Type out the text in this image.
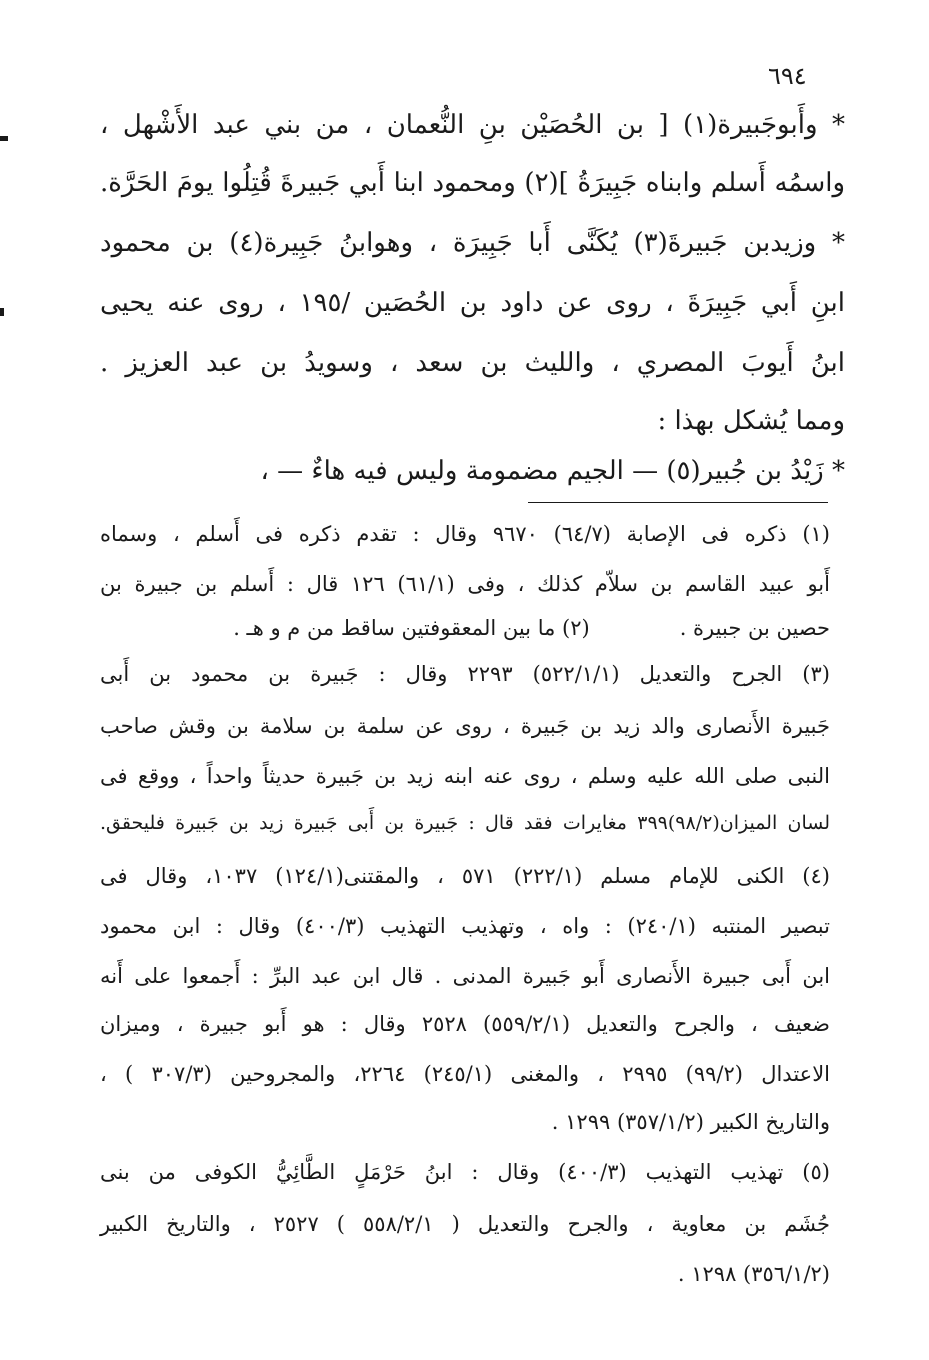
٦٩٤
* وأَبوجَبيرة(١) [ بن الحُصَيْن بنِ النُّعمان ، من بني عبد الأَشْهل ،
واسمُه أَسلم وابناه جَبِيرَةُ ](٢) ومحمود ابنا أَبي جَبيرةَ قُتِلُوا يومَ الحَرَّة.
* وزيدبن جَبيرةَ(٣) يُكَنَّى أَبا جَبِيرَة ، وهوابنُ جَبِيرة(٤) بن محمود
ابنِ أَبي جَبِيرَةَ ، روى عن داود بن الحُصَين /١٩٥ ، روى عنه يحيى
ابنُ أَيوبَ المصري ، والليث بن سعد ، وسويدُ بن عبد العزيز .
ومما يُشكل بهذا :
* زَيْدُ بن جُبير(٥) — الجيم مضمومة وليس فيه هاءٌ — ،
(١) ذكره فى الإصابة (٦٤/٧) ٩٦٧٠ وقال : تقدم ذكره فى أَسلم ، وسماه
أَبو عبيد القاسم بن سلاّم كذلك ، وفى (٦١/١) ١٢٦ قال : أَسلم بن جبيرة بن
حصين بن جبيرة .
(٢) ما بين المعقوفتين ساقط من م و هـ .
(٣) الجرح والتعديل (٥٢٢/١/١) ٢٢٩٣ وقال : جَبيرة بن محمود بن أَبى
جَبيرة الأَنصارى والد زيد بن جَبيرة ، روى عن سلمة بن سلامة بن وقش صاحب
النبى صلى الله عليه وسلم ، روى عنه ابنه زيد بن جَبيرة حديثاً واحداً ، ووقع فى
لسان الميزان(٩٨/٢)٣٩٩ مغايرات فقد قال : جَبيرة بن أَبى جَبيرة زيد بن جَبيرة فليحقق.
(٤) الكنى للإمام مسلم (٢٢٢/١) ٥٧١ ، والمقتنى(١٢٤/١) ١٠٣٧، وقال فى
تبصير المنتبه (٢٤٠/١) : واه ، وتهذيب التهذيب (٤٠٠/٣) وقال : ابن محمود
ابن أَبى جبيرة الأَنصارى أَبو جَبيرة المدنى . قال ابن عبد البرِّ : أَجمعوا على أَنه
ضعيف ، والجرح والتعديل (٥٥٩/٢/١) ٢٥٢٨ وقال : هو أَبو جبيرة ، وميزان
الاعتدال (٩٩/٢) ٢٩٩٥ ، والمغنى (٢٤٥/١) ٢٢٦٤، والمجروحين (٣٠٧/٣ ) ،
والتاريخ الكبير (٣٥٧/١/٢) ١٢٩٩ .
(٥) تهذيب التهذيب (٤٠٠/٣) وقال : ابنُ حَرْمَلٍ الطَّائِيُّ الكوفى من بنى
جُشَم بن معاوية ، والجرح والتعديل ( ٥٥٨/٢/١ ) ٢٥٢٧ ، والتاريخ الكبير
(٣٥٦/١/٢) ١٢٩٨ .
